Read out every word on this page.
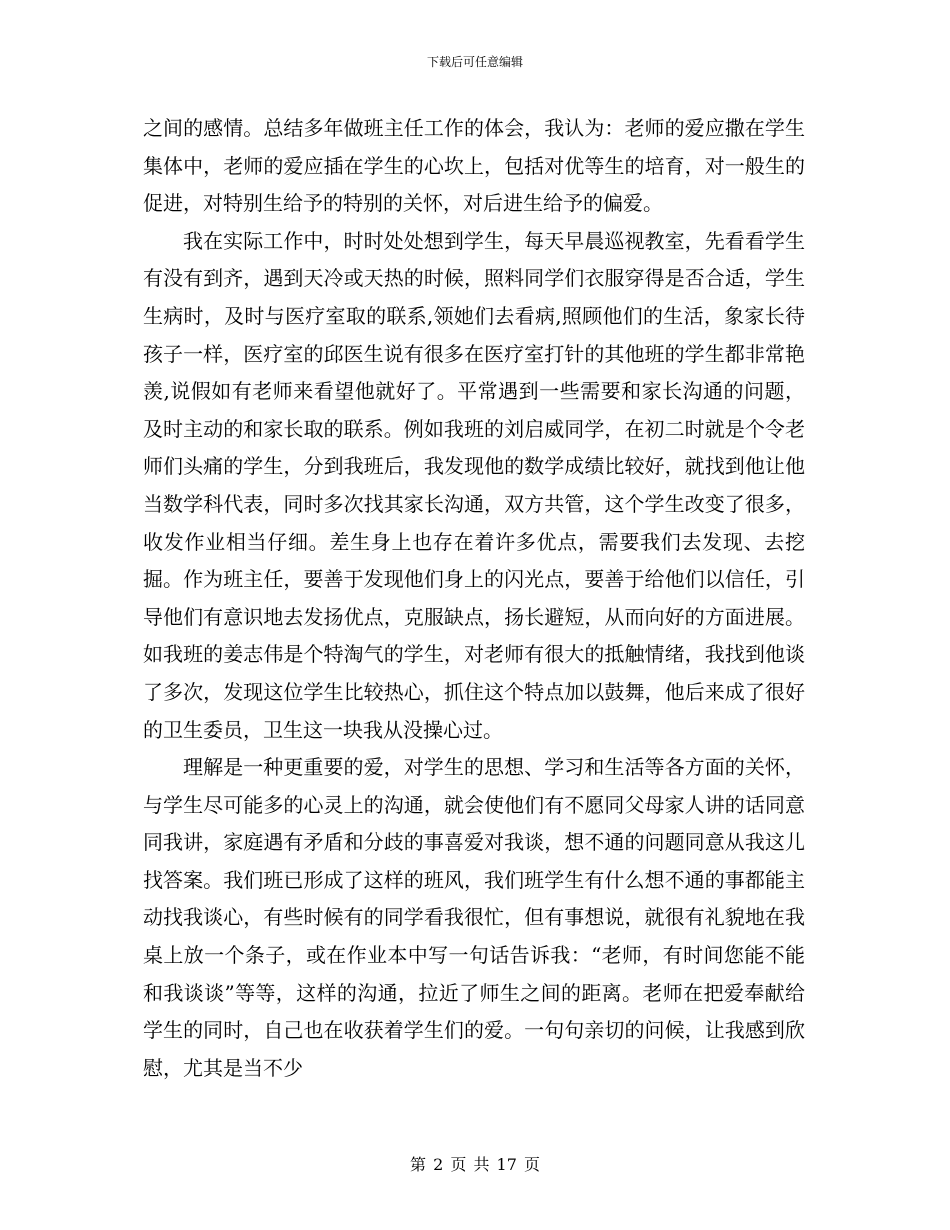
下载后可任意编辑

之间的感情。总结多年做班主任工作的体会，我认为：老师的爱应撒在学生集体中，老师的爱应插在学生的心坎上，包括对优等生的培育，对一般生的促进，对特别生给予的特别的关怀，对后进生给予的偏爱。

我在实际工作中，时时处处想到学生，每天早晨巡视教室，先看看学生有没有到齐，遇到天冷或天热的时候，照料同学们衣服穿得是否合适，学生生病时，及时与医疗室取的联系,领她们去看病,照顾他们的生活，象家长待孩子一样，医疗室的邱医生说有很多在医疗室打针的其他班的学生都非常艳羡,说假如有老师来看望他就好了。平常遇到一些需要和家长沟通的问题，及时主动的和家长取的联系。例如我班的刘启威同学，在初二时就是个令老师们头痛的学生，分到我班后，我发现他的数学成绩比较好，就找到他让他当数学科代表，同时多次找其家长沟通，双方共管，这个学生改变了很多，收发作业相当仔细。差生身上也存在着许多优点，需要我们去发现、去挖掘。作为班主任，要善于发现他们身上的闪光点，要善于给他们以信任，引导他们有意识地去发扬优点，克服缺点，扬长避短，从而向好的方面进展。如我班的姜志伟是个特淘气的学生，对老师有很大的抵触情绪，我找到他谈了多次，发现这位学生比较热心，抓住这个特点加以鼓舞，他后来成了很好的卫生委员，卫生这一块我从没操心过。

理解是一种更重要的爱，对学生的思想、学习和生活等各方面的关怀，与学生尽可能多的心灵上的沟通，就会使他们有不愿同父母家人讲的话同意同我讲，家庭遇有矛盾和分歧的事喜爱对我谈，想不通的问题同意从我这儿找答案。我们班已形成了这样的班风，我们班学生有什么想不通的事都能主动找我谈心，有些时候有的同学看我很忙，但有事想说，就很有礼貌地在我桌上放一个条子，或在作业本中写一句话告诉我：“老师，有时间您能不能和我谈谈”等等，这样的沟通，拉近了师生之间的距离。老师在把爱奉献给学生的同时，自己也在收获着学生们的爱。一句句亲切的问候，让我感到欣慰，尤其是当不少

第 2 页 共 17 页
